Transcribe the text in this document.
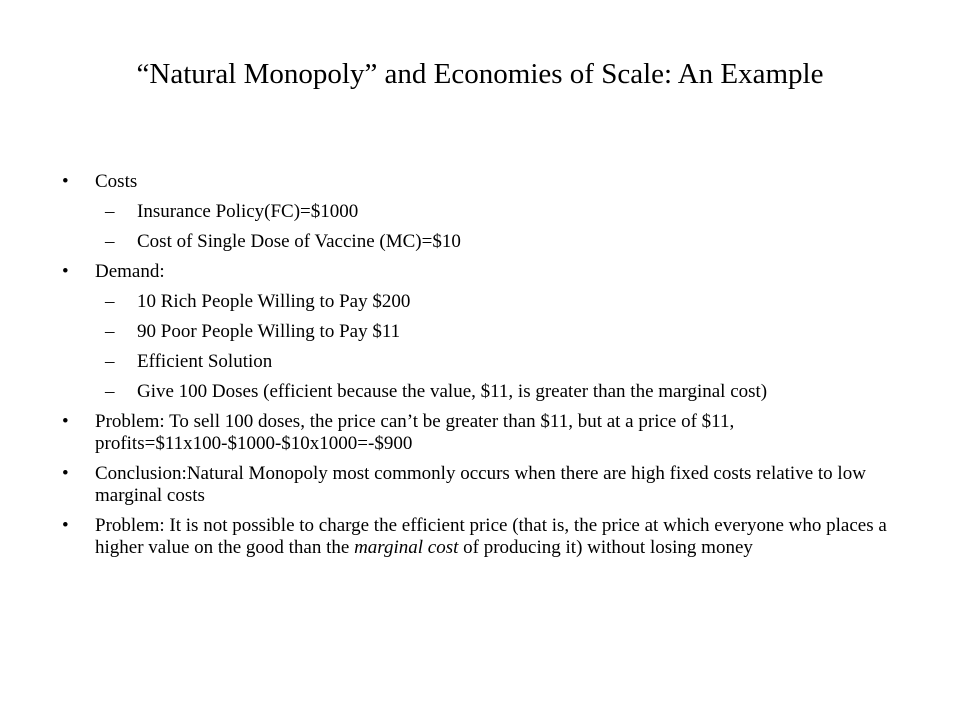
“Natural Monopoly” and Economies of Scale: An Example
• Costs
– Insurance Policy(FC)=$1000
– Cost of Single Dose of Vaccine (MC)=$10
• Demand:
– 10 Rich People Willing to Pay $200
– 90 Poor People Willing to Pay $11
– Efficient Solution
– Give 100 Doses (efficient because the value, $11, is greater than the marginal cost)
• Problem: To sell 100 doses, the price can’t be greater than $11, but at a price of $11, profits=$11x100-$1000-$10x1000=-$900
• Conclusion:Natural Monopoly most commonly occurs when there are high fixed costs relative to low marginal costs
• Problem: It is not possible to charge the efficient price (that is, the price at which everyone who places a higher value on the good than the marginal cost of producing it) without losing money
